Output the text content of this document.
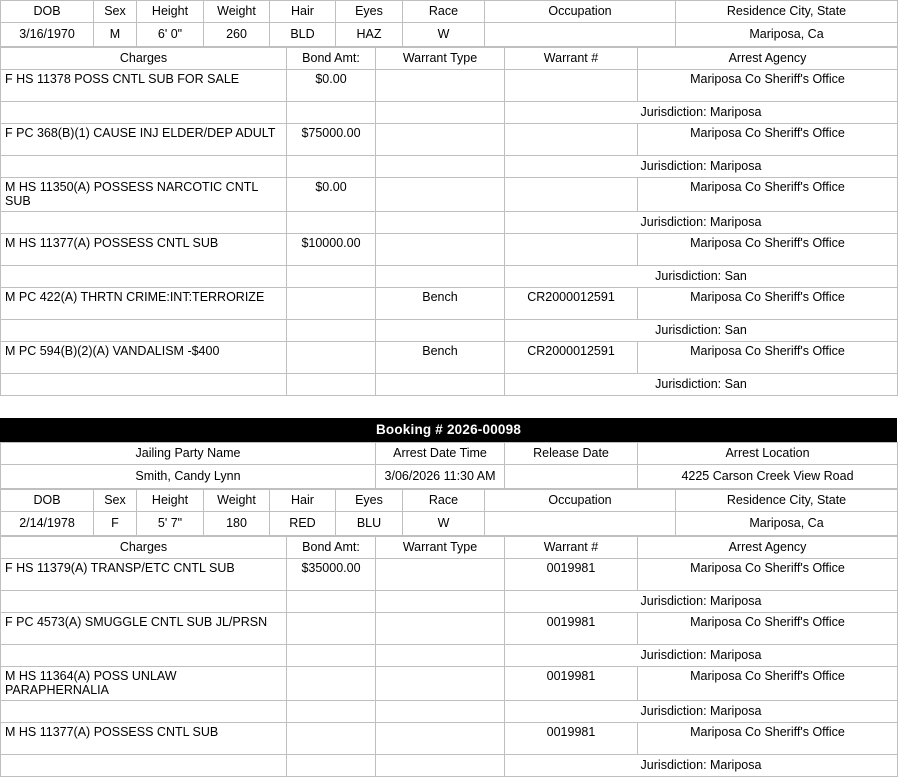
DOB	Sex	Height	Weight	Hair	Eyes	Race	Occupation	Residence City, State
3/16/1970	M	6' 0"	260	BLD	HAZ	W		Mariposa, Ca
Charges	Bond Amt:	Warrant Type	Warrant #	Arrest Agency
F HS 11378 POSS CNTL SUB FOR SALE	$0.00			Mariposa Co Sheriff's Office
			Jurisdiction: Mariposa	
F PC 368(B)(1) CAUSE INJ ELDER/DEP ADULT	$75000.00			Mariposa Co Sheriff's Office
			Jurisdiction: Mariposa	
M HS 11350(A) POSSESS NARCOTIC CNTL SUB	$0.00			Mariposa Co Sheriff's Office
			Jurisdiction: Mariposa	
M HS 11377(A) POSSESS CNTL SUB	$10000.00			Mariposa Co Sheriff's Office
			Jurisdiction: San	
M PC 422(A) THRTN CRIME:INT:TERRORIZE		Bench	CR2000012591	Mariposa Co Sheriff's Office
			Jurisdiction: San	
M PC 594(B)(2)(A) VANDALISM -$400		Bench	CR2000012591	Mariposa Co Sheriff's Office
			Jurisdiction: San	
Booking # 2026-00098
Jailing Party Name	Arrest Date Time	Release Date	Arrest Location
Smith, Candy Lynn	3/06/2026 11:30 AM		4225 Carson Creek View Road
DOB	Sex	Height	Weight	Hair	Eyes	Race	Occupation	Residence City, State
2/14/1978	F	5' 7"	180	RED	BLU	W		Mariposa, Ca
Charges	Bond Amt:	Warrant Type	Warrant #	Arrest Agency
F HS 11379(A) TRANSP/ETC CNTL SUB	$35000.00		0019981	Mariposa Co Sheriff's Office
			Jurisdiction: Mariposa	
F PC 4573(A) SMUGGLE CNTL SUB JL/PRSN			0019981	Mariposa Co Sheriff's Office
			Jurisdiction: Mariposa	
M HS 11364(A) POSS UNLAW PARAPHERNALIA			0019981	Mariposa Co Sheriff's Office
			Jurisdiction: Mariposa	
M HS 11377(A) POSSESS CNTL SUB			0019981	Mariposa Co Sheriff's Office
			Jurisdiction: Mariposa	
